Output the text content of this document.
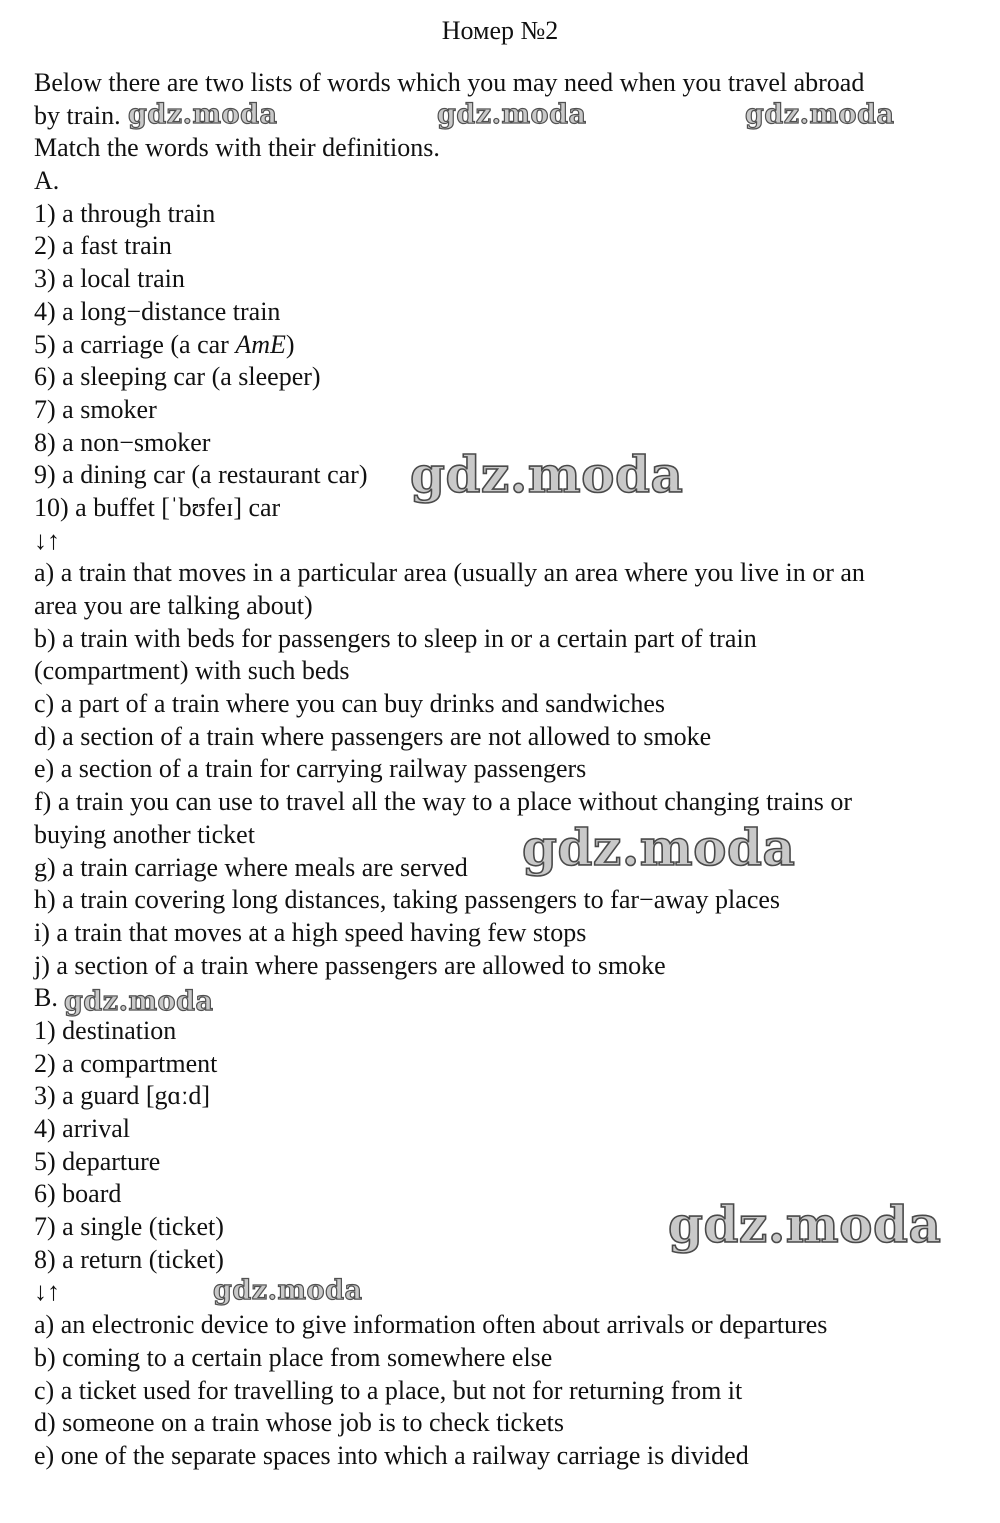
Номер №2
Below there are two lists of words which you may need when you travel abroad
by train.
Match the words with their definitions.
A.
1) a through train
2) a fast train
3) a local train
4) a long−distance train
5) a carriage (a car AmE)
6) a sleeping car (a sleeper)
7) a smoker
8) a non−smoker
9) a dining car (a restaurant car)
10) a buffet [ˈbʊfeɪ] car
↓↑
a) a train that moves in a particular area (usually an area where you live in or an
area you are talking about)
b) a train with beds for passengers to sleep in or a certain part of train
(compartment) with such beds
c) a part of a train where you can buy drinks and sandwiches
d) a section of a train where passengers are not allowed to smoke
e) a section of a train for carrying railway passengers
f) a train you can use to travel all the way to a place without changing trains or
buying another ticket
g) a train carriage where meals are served
h) a train covering long distances, taking passengers to far−away places
i) a train that moves at a high speed having few stops
j) a section of a train where passengers are allowed to smoke
B.
1) destination
2) a compartment
3) a guard [gɑːd]
4) arrival
5) departure
6) board
7) a single (ticket)
8) a return (ticket)
↓↑
a) an electronic device to give information often about arrivals or departures
b) coming to a certain place from somewhere else
c) a ticket used for travelling to a place, but not for returning from it
d) someone on a train whose job is to check tickets
e) one of the separate spaces into which a railway carriage is divided
gdz.moda	gdz.moda	gdz.moda
gdz.moda
gdz.moda
gdz.moda
gdz.moda
gdz.moda
